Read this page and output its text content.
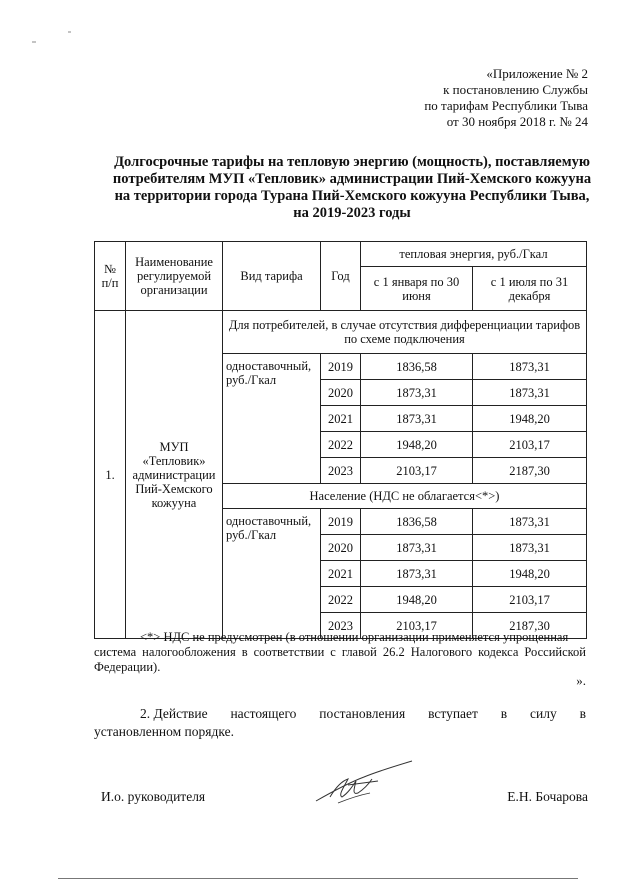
«Приложение № 2
к постановлению Службы
по тарифам Республики Тыва
от 30 ноября 2018 г. № 24
Долгосрочные тарифы на тепловую энергию (мощность), поставляемую
потребителям МУП «Тепловик» администрации Пий-Хемского кожууна
на территории города Турана Пий-Хемского кожууна Республики Тыва,
на 2019-2023 годы
№ п/п	Наименование регулируемой организации	Вид тарифа	Год	тепловая энергия, руб./Гкал	
				с 1 января по 30 июня	с 1 июля по 31 декабря
1.	МУП «Тепловик» администрации Пий-Хемского кожууна	Для потребителей, в случае отсутствия дифференциации тарифов по схеме подключения			
		одноставочный, руб./Гкал	2019	1836,58	1873,31
			2020	1873,31	1873,31
			2021	1873,31	1948,20
			2022	1948,20	2103,17
			2023	2103,17	2187,30
		Население (НДС не облагается<*>)			
		одноставочный, руб./Гкал	2019	1836,58	1873,31
			2020	1873,31	1873,31
			2021	1873,31	1948,20
			2022	1948,20	2103,17
			2023	2103,17	2187,30
<*> НДС не предусмотрен (в отношении организации применяется упрощенная
система налогообложения в соответствии с главой 26.2 Налогового кодекса Российской Федерации).
».
2. Действие настоящего постановления вступает в силу в
установленном порядке.
И.о. руководителя	Е.Н. Бочарова
